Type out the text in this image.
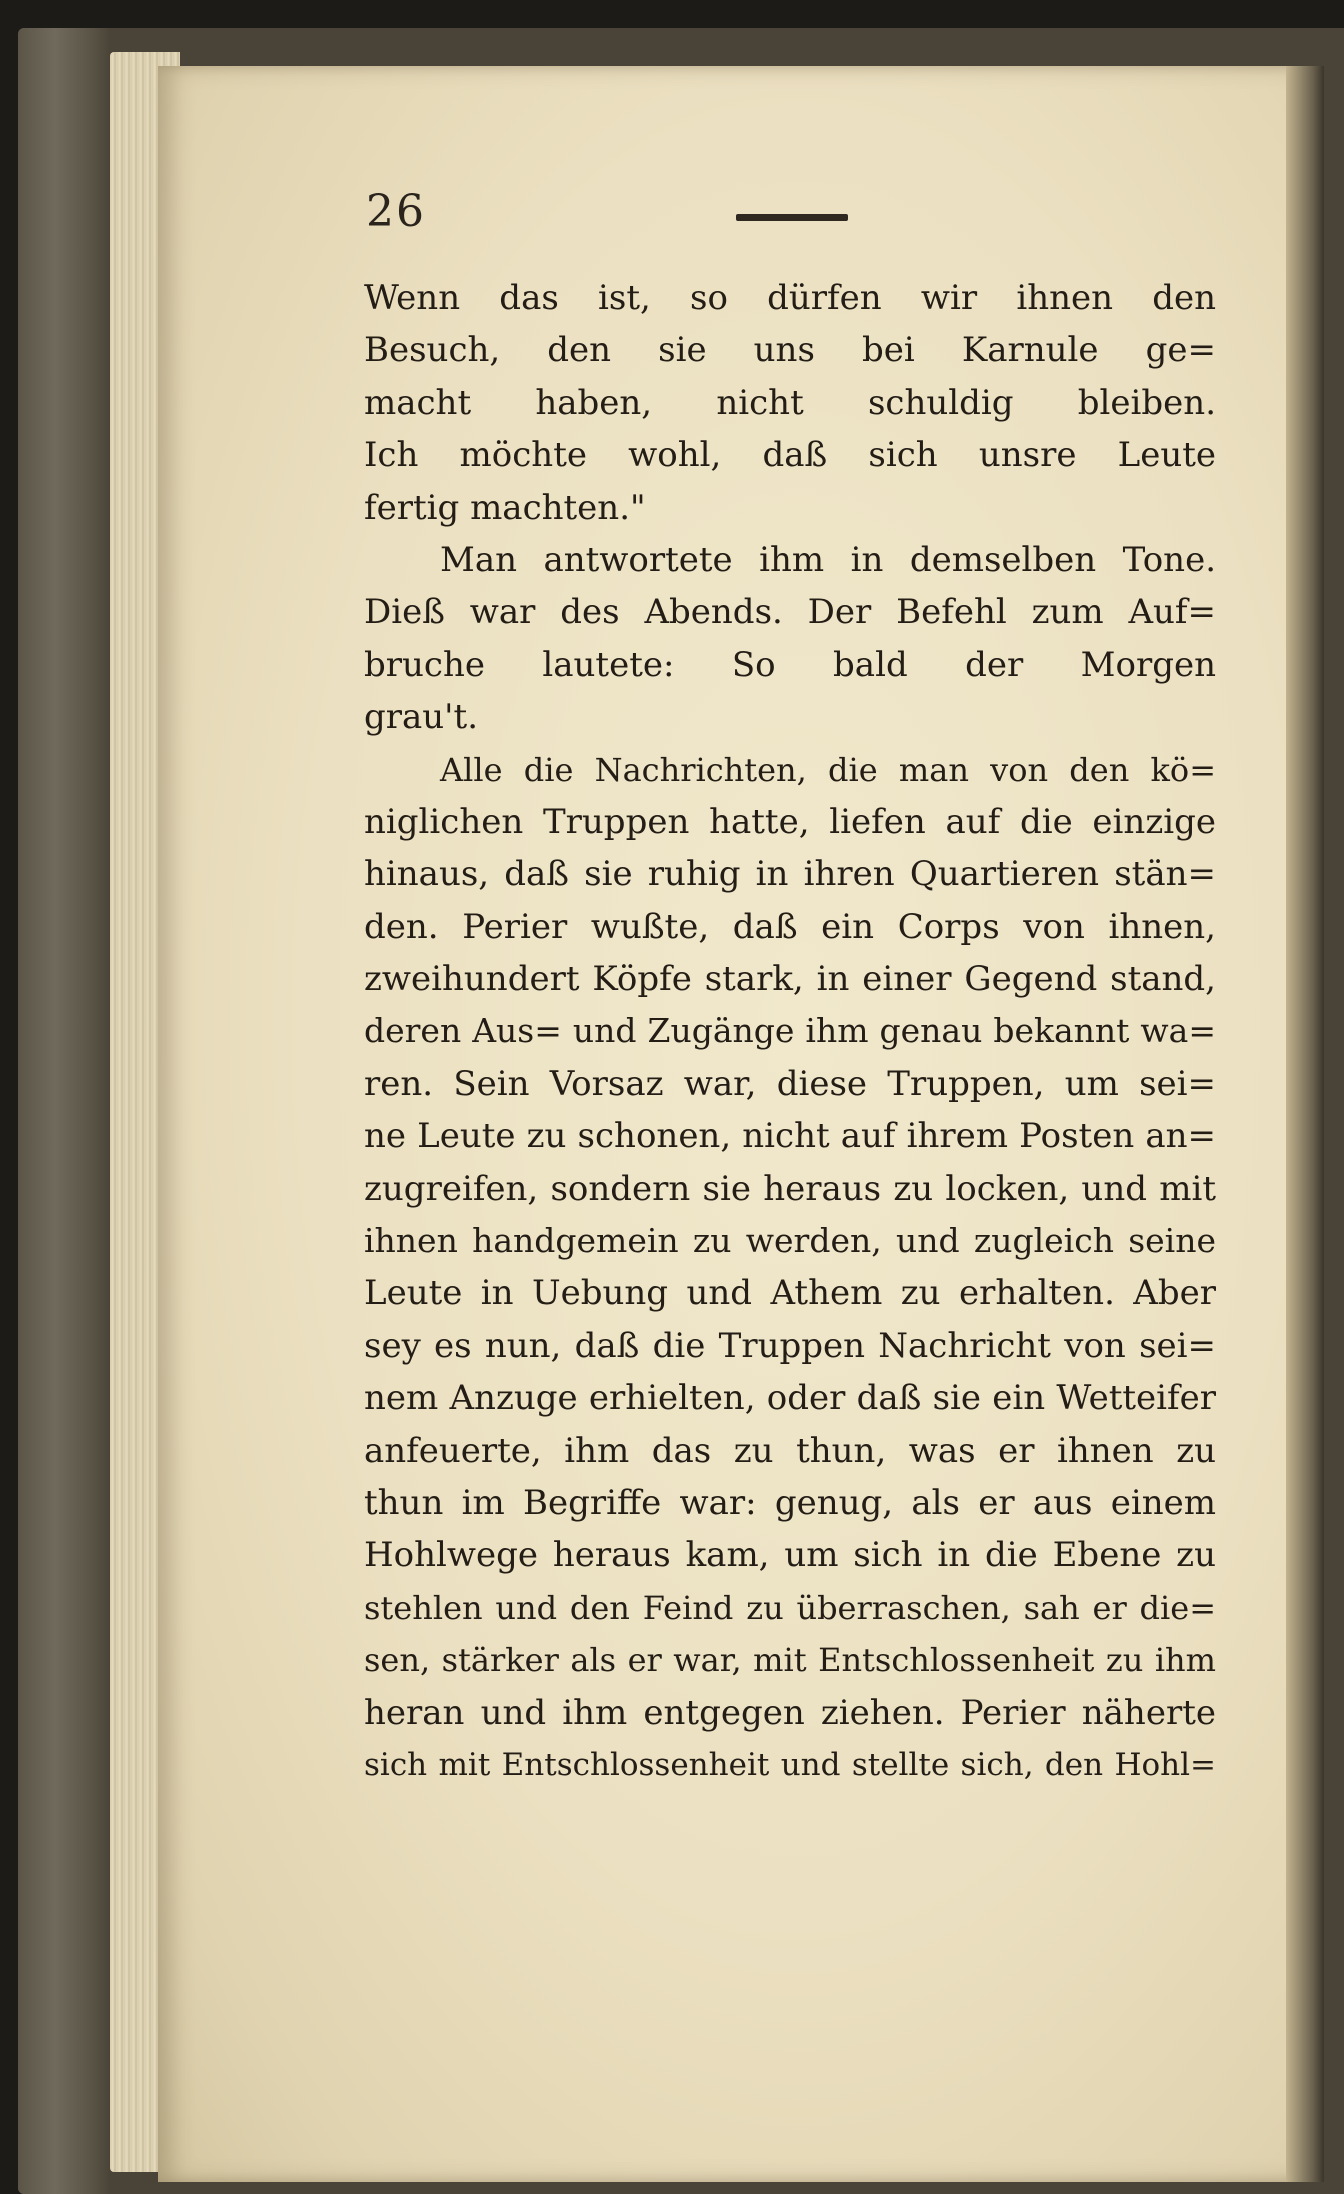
26
Wenn das ist, so dürfen wir ihnen den
Besuch, den sie uns bei Karnule ge=
macht haben, nicht schuldig bleiben.
Ich möchte wohl, daß sich unsre Leute
fertig machten."
Man antwortete ihm in demselben Tone.
Dieß war des Abends. Der Befehl zum Auf=
bruche lautete: So bald der Morgen
grau't.
Alle die Nachrichten, die man von den kö=
niglichen Truppen hatte, liefen auf die einzige
hinaus, daß sie ruhig in ihren Quartieren stän=
den. Perier wußte, daß ein Corps von ihnen,
zweihundert Köpfe stark, in einer Gegend stand,
deren Aus= und Zugänge ihm genau bekannt wa=
ren. Sein Vorsaz war, diese Truppen, um sei=
ne Leute zu schonen, nicht auf ihrem Posten an=
zugreifen, sondern sie heraus zu locken, und mit
ihnen handgemein zu werden, und zugleich seine
Leute in Uebung und Athem zu erhalten. Aber
sey es nun, daß die Truppen Nachricht von sei=
nem Anzuge erhielten, oder daß sie ein Wetteifer
anfeuerte, ihm das zu thun, was er ihnen zu
thun im Begriffe war: genug, als er aus einem
Hohlwege heraus kam, um sich in die Ebene zu
stehlen und den Feind zu überraschen, sah er die=
sen, stärker als er war, mit Entschlossenheit zu ihm
heran und ihm entgegen ziehen. Perier näherte
sich mit Entschlossenheit und stellte sich, den Hohl=
